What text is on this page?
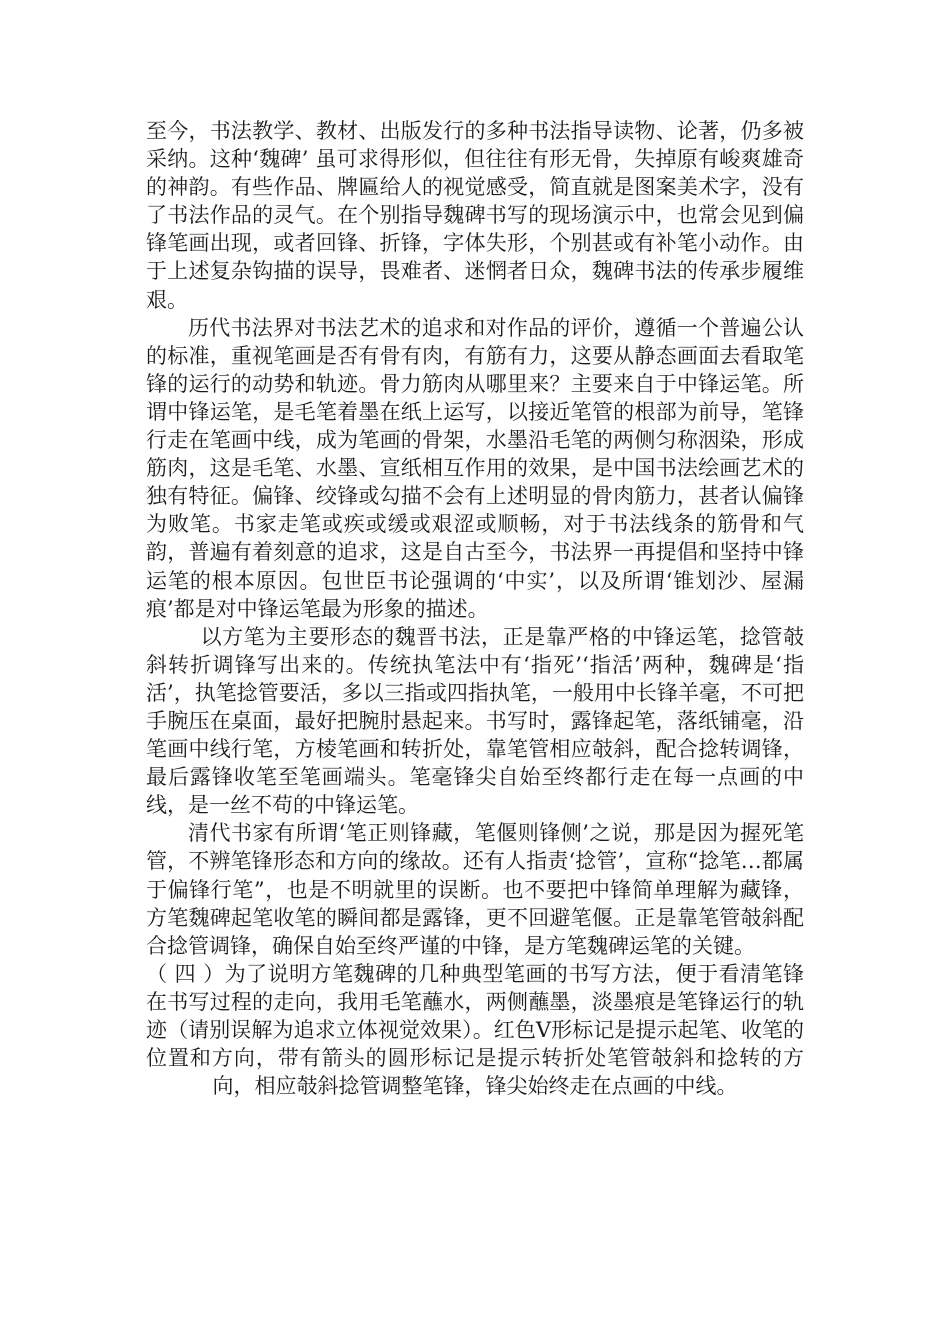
至今，书法教学、教材、出版发行的多种书法指导读物、论著，仍多被采纳。这种‘魏碑’ 虽可求得形似，但往往有形无骨，失掉原有峻爽雄奇的神韵。有些作品、牌匾给人的视觉感受，简直就是图案美术字，没有了书法作品的灵气。在个别指导魏碑书写的现场演示中，也常会见到偏锋笔画出现，或者回锋、折锋，字体失形，个别甚或有补笔小动作。由于上述复杂钩描的误导，畏难者、迷惘者日众，魏碑书法的传承步履维艰。

历代书法界对书法艺术的追求和对作品的评价，遵循一个普遍公认的标准，重视笔画是否有骨有肉，有筋有力，这要从静态画面去看取笔锋的运行的动势和轨迹。骨力筋肉从哪里来？主要来自于中锋运笔。所谓中锋运笔，是毛笔着墨在纸上运写，以接近笔管的根部为前导，笔锋行走在笔画中线，成为笔画的骨架，水墨沿毛笔的两侧匀称洇染，形成筋肉，这是毛笔、水墨、宣纸相互作用的效果，是中国书法绘画艺术的独有特征。偏锋、绞锋或勾描不会有上述明显的骨肉筋力，甚者认偏锋为败笔。书家走笔或疾或缓或艰涩或顺畅，对于书法线条的筋骨和气韵，普遍有着刻意的追求，这是自古至今，书法界一再提倡和坚持中锋运笔的根本原因。包世臣书论强调的‘中实’，以及所谓‘锥划沙、屋漏痕’都是对中锋运笔最为形象的描述。

以方笔为主要形态的魏晋书法，正是靠严格的中锋运笔，捻管攲斜转折调锋写出来的。传统执笔法中有‘指死’‘指活’两种，魏碑是‘指活’，执笔捻管要活，多以三指或四指执笔，一般用中长锋羊毫，不可把手腕压在桌面，最好把腕肘悬起来。书写时，露锋起笔，落纸铺毫，沿笔画中线行笔，方棱笔画和转折处，靠笔管相应攲斜，配合捻转调锋，最后露锋收笔至笔画端头。笔毫锋尖自始至终都行走在每一点画的中线，是一丝不苟的中锋运笔。

清代书家有所谓‘笔正则锋藏，笔偃则锋侧’之说，那是因为握死笔管，不辨笔锋形态和方向的缘故。还有人指责‘捻管’，宣称“捻笔…都属于偏锋行笔”，也是不明就里的误断。也不要把中锋简单理解为藏锋，方笔魏碑起笔收笔的瞬间都是露锋，更不回避笔偃。正是靠笔管攲斜配合捻管调锋，确保自始至终严谨的中锋，是方笔魏碑运笔的关键。

（ 四 ）为了说明方笔魏碑的几种典型笔画的书写方法，便于看清笔锋在书写过程的走向，我用毛笔蘸水，两侧蘸墨，淡墨痕是笔锋运行的轨迹（请别误解为追求立体视觉效果）。红色V形标记是提示起笔、收笔的位置和方向，带有箭头的圆形标记是提示转折处笔管攲斜和捻转的方向，相应攲斜捻管调整笔锋，锋尖始终走在点画的中线。
